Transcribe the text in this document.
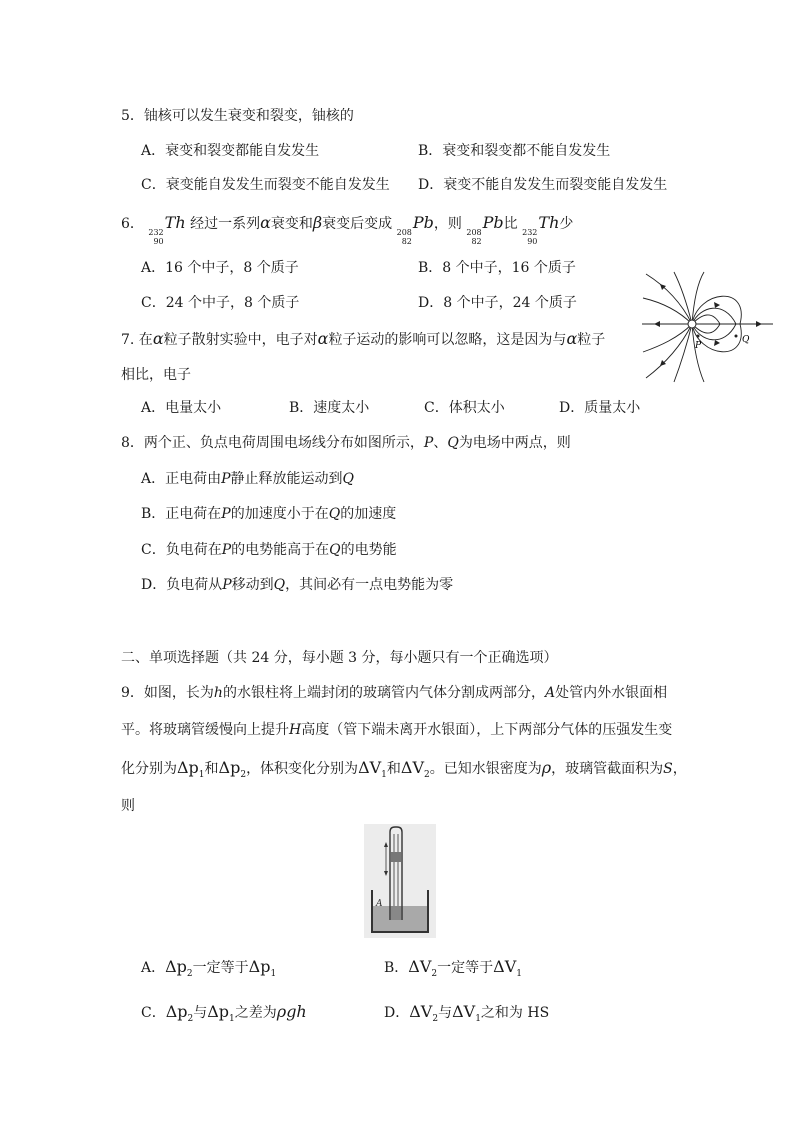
5．铀核可以发生衰变和裂变，铀核的
A．衰变和裂变都能自发发生	B．衰变和裂变都不能自发发生
C．衰变能自发发生而裂变不能自发发生 D．衰变不能自发发生而裂变能自发发生
6．
232
90
Th 经过一系列α衰变和β衰变后变成
208
82
Pb，则
208
82
Pb比
232
90
Th少
A．16 个中子，8 个质子	B．8 个中子，16 个质子
C．24 个中子，8 个质子	D．8 个中子，24 个质子
P
Q
7. 在α粒子散射实验中，电子对α粒子运动的影响可以忽略，这是因为与α粒子
相比，电子
A．电量太小	B．速度太小	C．体积太小	D．质量太小
8．两个正、负点电荷周围电场线分布如图所示，P、Q为电场中两点，则
A．正电荷由P静止释放能运动到Q
B．正电荷在P的加速度小于在Q的加速度
C．负电荷在P的电势能高于在Q的电势能
D．负电荷从P移动到Q，其间必有一点电势能为零
二、单项选择题（共 24 分，每小题 3 分，每小题只有一个正确选项）
9．如图，长为h的水银柱将上端封闭的玻璃管内气体分割成两部分，A处管内外水银面相
平。将玻璃管缓慢向上提升H高度（管下端未离开水银面），上下两部分气体的压强发生变
化分别为$\Delta p_1$和$\Delta p_2$，体积变化分别为$\Delta V_1$和$\Delta V_2$。已知水银密度为ρ，玻璃管截面积为S，
则
A
A．$\Delta p_2$一定等于$\Delta p_1$	B．$\Delta V_2$一定等于$\Delta V_1$
C．$\Delta p_2$与$\Delta p_1$之差为ρgh	D．$\Delta V_2$与$\Delta V_1$之和为 HS
